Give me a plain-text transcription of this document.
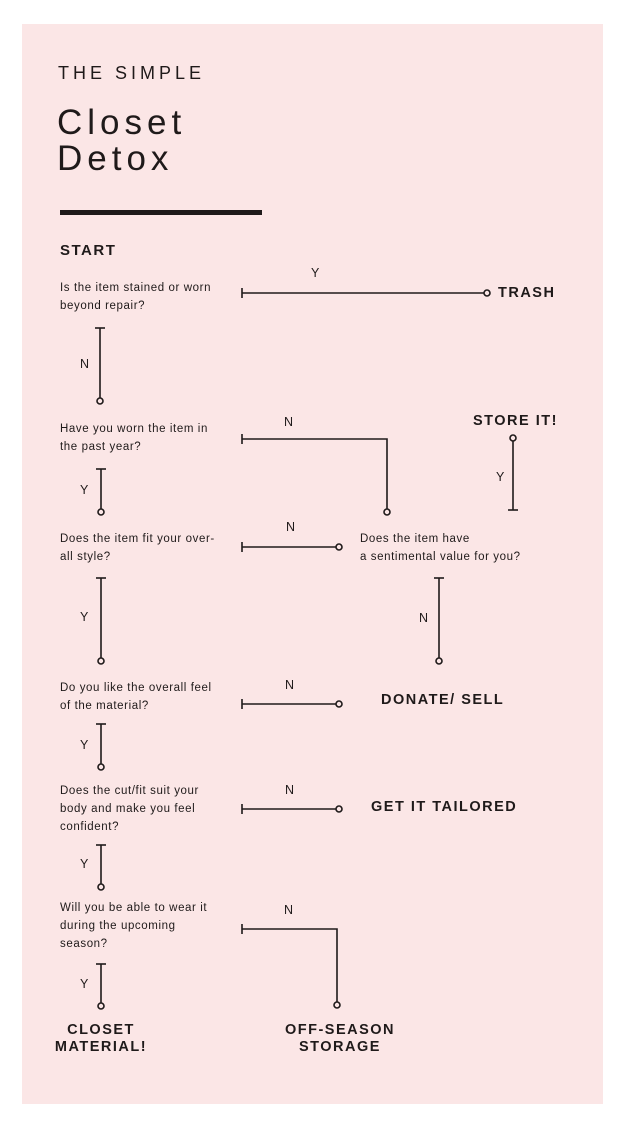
THE SIMPLE
Closet
Detox
START
Is the item stained or worn
beyond repair?
Have you worn the item in
the past year?
Does the item fit your over-
all style?
Does the item have
a sentimental value for you?
Do you like the overall feel
of the material?
Does the cut/fit suit your
body and make you feel
confident?
Will you be able to wear it
during the upcoming
season?
TRASH
STORE IT!
DONATE/ SELL
GET IT TAILORED
CLOSET
MATERIAL!
OFF-SEASON
STORAGE
Y
N
N
Y
Y
N
Y	N
N
Y
N
Y
N
Y
